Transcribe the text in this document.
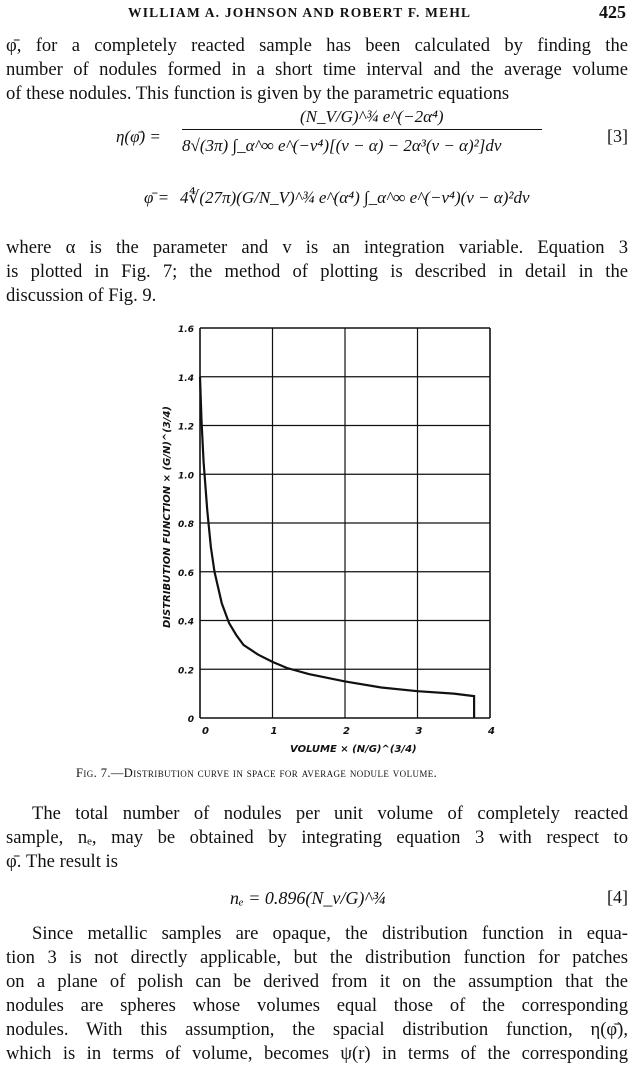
WILLIAM A. JOHNSON AND ROBERT F. MEHL	425
φ̄, for a completely reacted sample has been calculated by finding the
number of nodules formed in a short time interval and the average volume
of these nodules. This function is given by the parametric equations
η(φ̄) =
(N_V/G)^¾ e^(−2α⁴)
8√(3π) ∫_α^∞ e^(−v⁴)[(v − α) − 2α³(v − α)²]dv	[3]
φ̄ = 4∜(27π)(G/N_V)^¾ e^(α⁴) ∫_α^∞ e^(−v⁴)(v − α)²dv
where α is the parameter and v is an integration variable. Equation 3
is plotted in Fig. 7; the method of plotting is described in detail in the
discussion of Fig. 9.
0	1	2	3	4
0
0.2
0.4
0.6
0.8
1.0
1.2
1.4
1.6
DISTRIBUTION FUNCTION × (G/N)^(3/4)
VOLUME × (N/G)^(3/4)
Fig. 7.—Distribution curve in space for average nodule volume.
The total number of nodules per unit volume of completely reacted
sample, nₑ, may be obtained by integrating equation 3 with respect to
φ̄. The result is
nₑ = 0.896(N_v/G)^¾	[4]
Since metallic samples are opaque, the distribution function in equa-
tion 3 is not directly applicable, but the distribution function for patches
on a plane of polish can be derived from it on the assumption that the
nodules are spheres whose volumes equal those of the corresponding
nodules. With this assumption, the spacial distribution function, η(φ̄),
which is in terms of volume, becomes ψ(r) in terms of the corresponding
